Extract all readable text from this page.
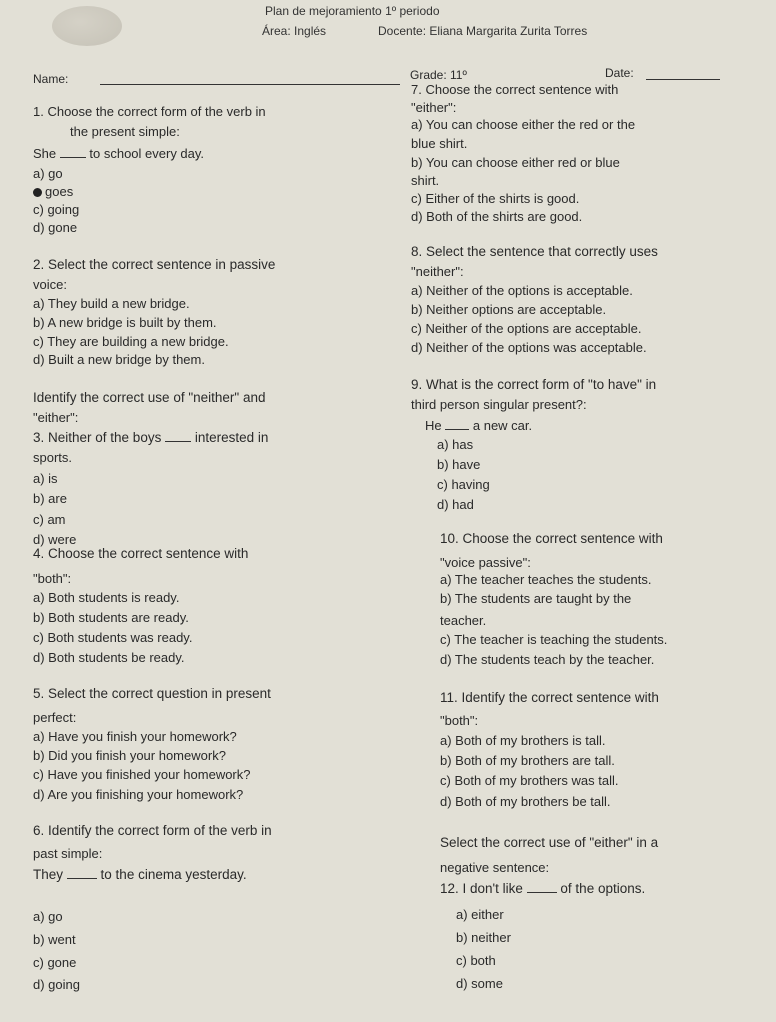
Plan de mejoramiento 1º periodo
Área: Inglés	Docente: Eliana Margarita Zurita Torres
Name:	Grade: 11º	Date:
1. Choose the correct form of the verb in
the present simple:
She	to school every day.
a) go
goes
c) going
d) gone
2. Select the correct sentence in passive
voice:
a) They build a new bridge.
b) A new bridge is built by them.
c) They are building a new bridge.
d) Built a new bridge by them.
Identify the correct use of "neither" and
"either":
3. Neither of the boys interested in
sports.
a) is
b) are
c) am
d) were
4. Choose the correct sentence with
"both":
a) Both students is ready.
b) Both students are ready.
c) Both students was ready.
d) Both students be ready.
5. Select the correct question in present
perfect:
a) Have you finish your homework?
b) Did you finish your homework?
c) Have you finished your homework?
d) Are you finishing your homework?
6. Identify the correct form of the verb in
past simple:
They	to the cinema yesterday.
a) go
b) went
c) gone
d) going
7. Choose the correct sentence with
"either":
a) You can choose either the red or the
blue shirt.
b) You can choose either red or blue
shirt.
c) Either of the shirts is good.
d) Both of the shirts are good.
8. Select the sentence that correctly uses
"neither":
a) Neither of the options is acceptable.
b) Neither options are acceptable.
c) Neither of the options are acceptable.
d) Neither of the options was acceptable.
9. What is the correct form of "to have" in
third person singular present?:
He a new car.
a) has
b) have
c) having
d) had
10. Choose the correct sentence with
"voice passive":
a) The teacher teaches the students.
b) The students are taught by the
teacher.
c) The teacher is teaching the students.
d) The students teach by the teacher.
11. Identify the correct sentence with
"both":
a) Both of my brothers is tall.
b) Both of my brothers are tall.
c) Both of my brothers was tall.
d) Both of my brothers be tall.
Select the correct use of "either" in a
negative sentence:
12. I don't like	of the options.
a) either
b) neither
c) both
d) some
